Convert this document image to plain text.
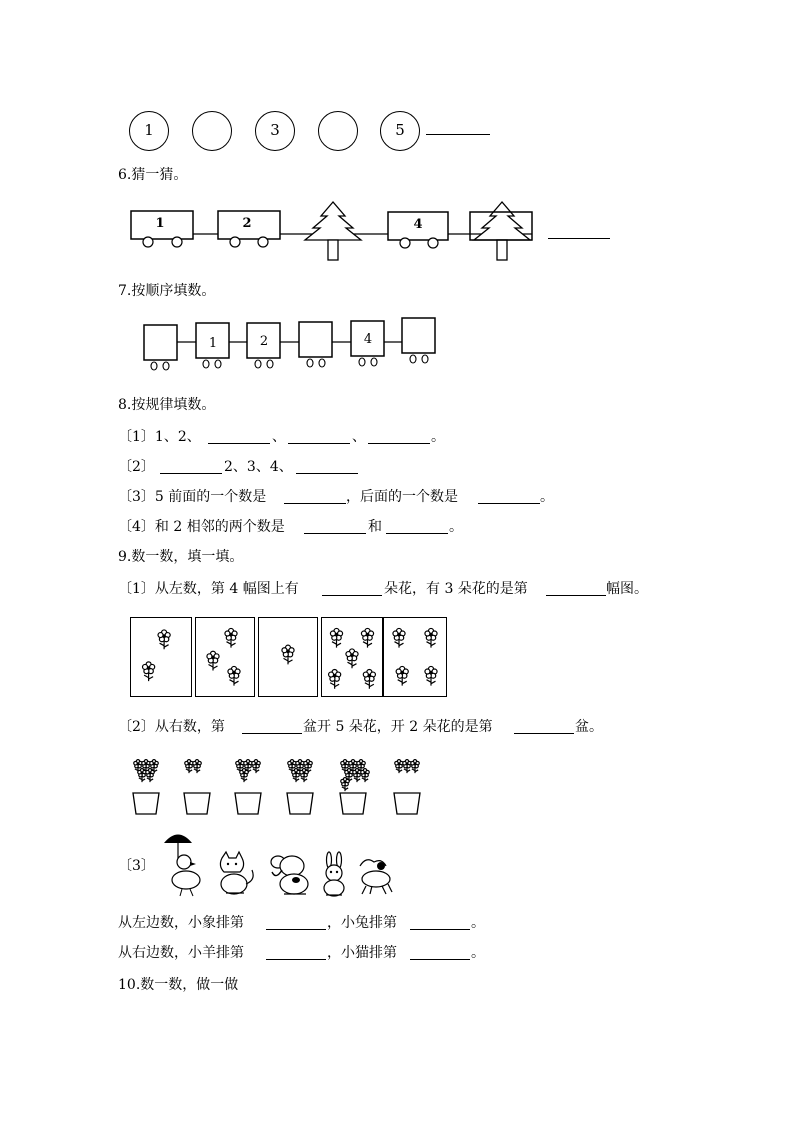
1	3	5
6.猜一猜。
1	2	4
7.按顺序填数。
1	2	4
8.按规律填数。
〔1〕1、2、	、	、	。
〔2〕	2、3、4、
〔3〕5 前面的一个数是	，后面的一个数是	。
〔4〕和 2 相邻的两个数是	和	。
9.数一数，填一填。
〔1〕从左数，第 4 幅图上有	朵花，有 3 朵花的是第	幅图。
〔2〕从右数，第	盆开 5 朵花，开 2 朵花的是第	盆。
〔3〕
从左边数，小象排第	，小兔排第	。
从右边数，小羊排第	，小猫排第	。
10.数一数，做一做
